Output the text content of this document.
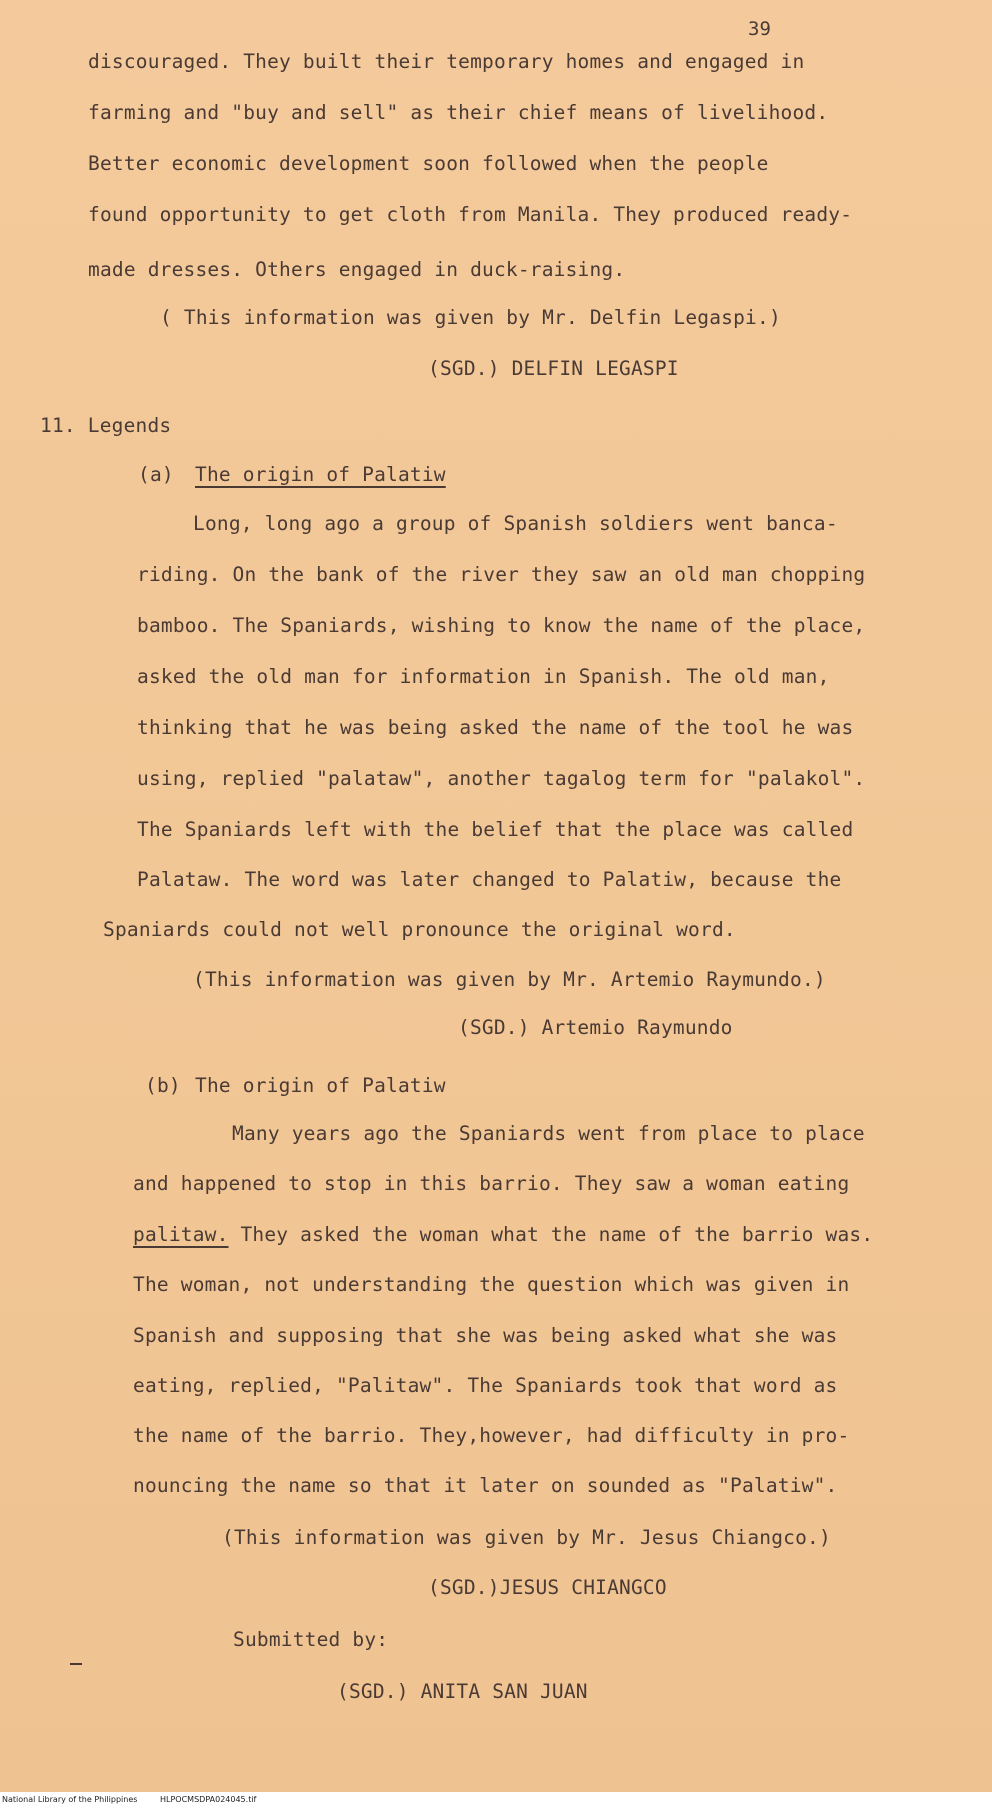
39
discouraged. They built their temporary homes and engaged in
farming and "buy and sell" as their chief means of livelihood.
Better economic development soon followed when the people
found opportunity to get cloth from Manila. They produced ready-
made dresses. Others engaged in duck-raising.
( This information was given by Mr. Delfin Legaspi.)
(SGD.) DELFIN LEGASPI
11. Legends
(a) The origin of Palatiw
Long, long ago a group of Spanish soldiers went banca-
riding. On the bank of the river they saw an old man chopping
bamboo. The Spaniards, wishing to know the name of the place,
asked the old man for information in Spanish. The old man,
thinking that he was being asked the name of the tool he was
using, replied "palataw", another tagalog term for "palakol".
The Spaniards left with the belief that the place was called
Palataw. The word was later changed to Palatiw, because the
Spaniards could not well pronounce the original word.
(This information was given by Mr. Artemio Raymundo.)
(SGD.) Artemio Raymundo
(b) The origin of Palatiw
Many years ago the Spaniards went from place to place
and happened to stop in this barrio. They saw a woman eating
palitaw. They asked the woman what the name of the barrio was.
The woman, not understanding the question which was given in
Spanish and supposing that she was being asked what she was
eating, replied, "Palitaw". The Spaniards took that word as
the name of the barrio. They,however, had difficulty in pro-
nouncing the name so that it later on sounded as "Palatiw".
(This information was given by Mr. Jesus Chiangco.)
(SGD.)JESUS CHIANGCO
Submitted by:
(SGD.) ANITA SAN JUAN
National Library of the Philippines	HLPOCMSDPA024045.tif
